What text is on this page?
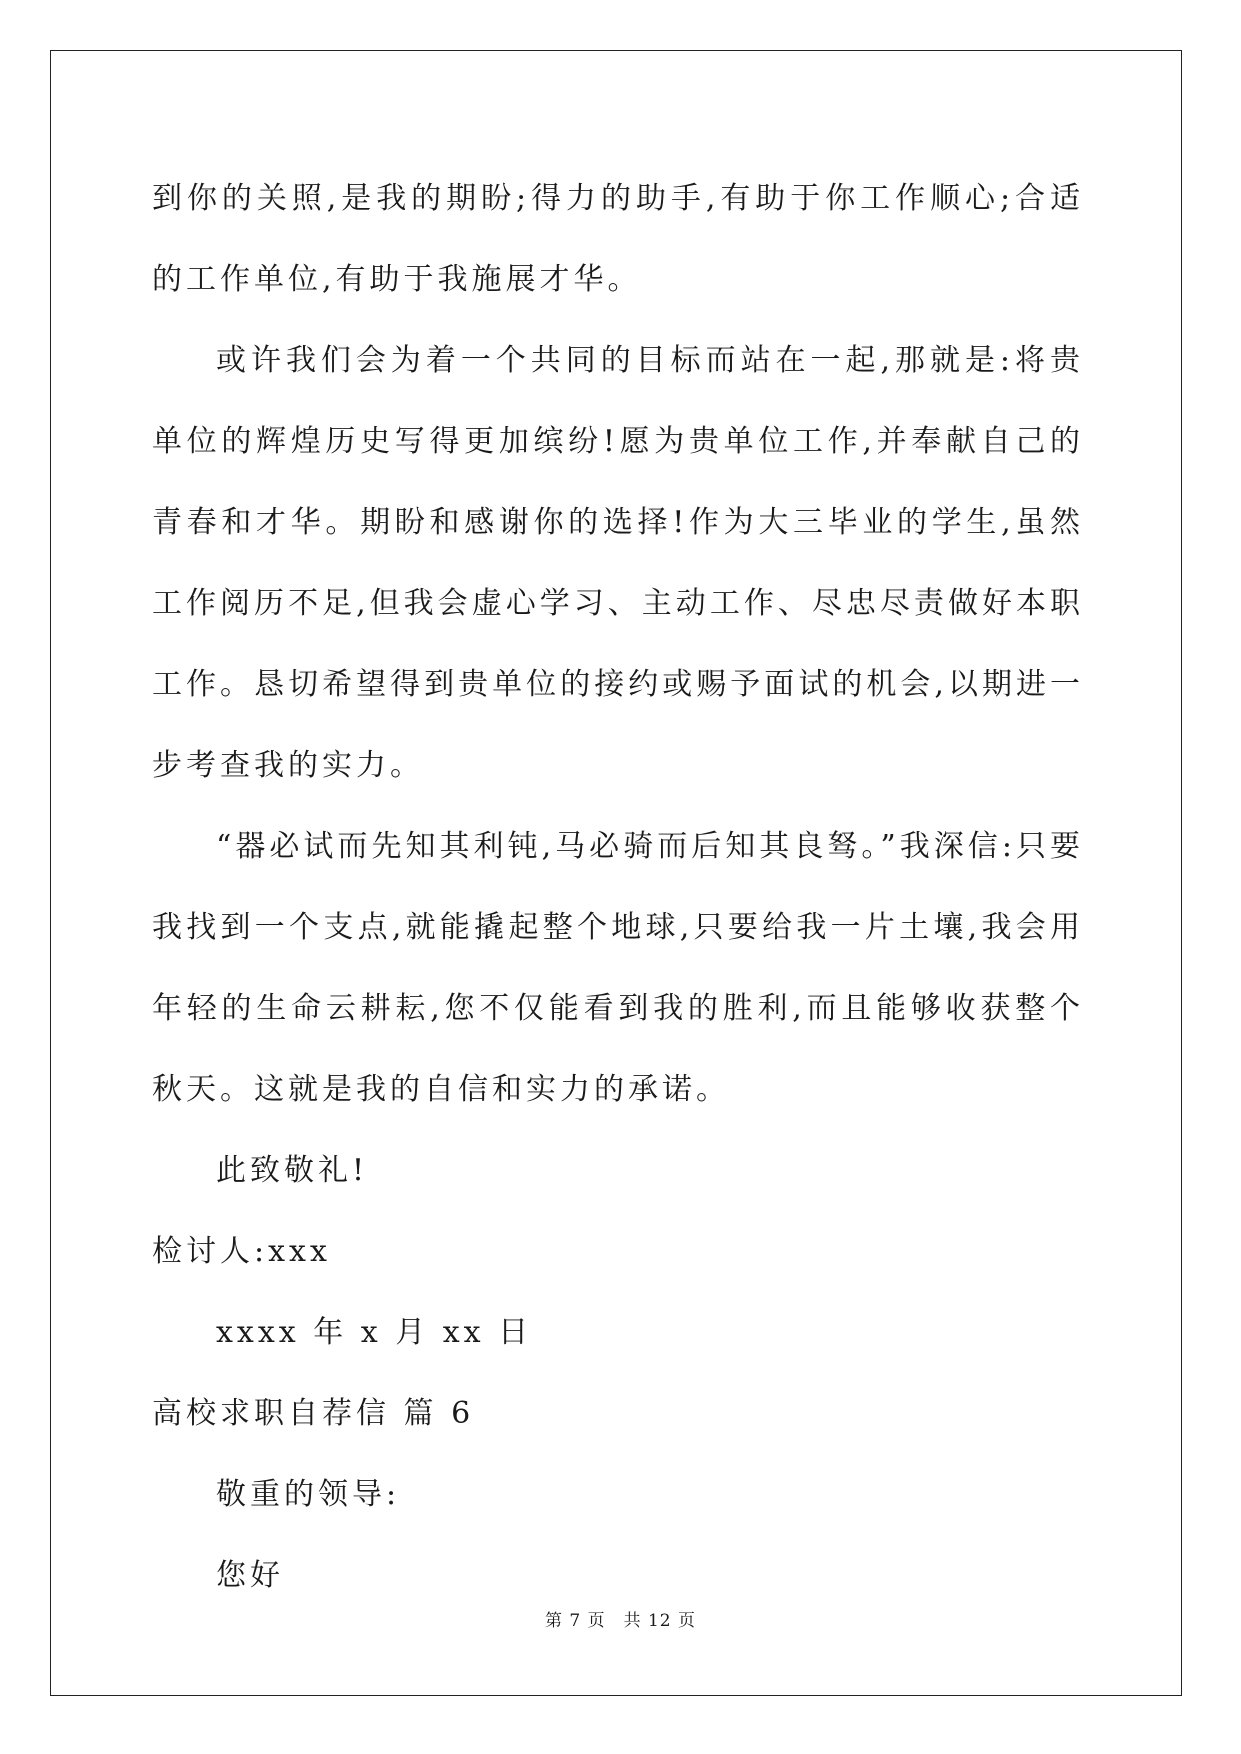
到你的关照,是我的期盼;得力的助手,有助于你工作顺心;合适的工作单位,有助于我施展才华。

或许我们会为着一个共同的目标而站在一起,那就是:将贵单位的辉煌历史写得更加缤纷!愿为贵单位工作,并奉献自己的青春和才华。期盼和感谢你的选择!作为大三毕业的学生,虽然工作阅历不足,但我会虚心学习、主动工作、尽忠尽责做好本职工作。恳切希望得到贵单位的接约或赐予面试的机会,以期进一步考查我的实力。

“器必试而先知其利钝,马必骑而后知其良驽。”我深信:只要我找到一个支点,就能撬起整个地球,只要给我一片土壤,我会用年轻的生命云耕耘,您不仅能看到我的胜利,而且能够收获整个秋天。这就是我的自信和实力的承诺。

此致敬礼!

检讨人:xxx

xxxx 年 x 月 xx 日

高校求职自荐信 篇 6

敬重的领导:

您好

第 7 页 共 12 页
